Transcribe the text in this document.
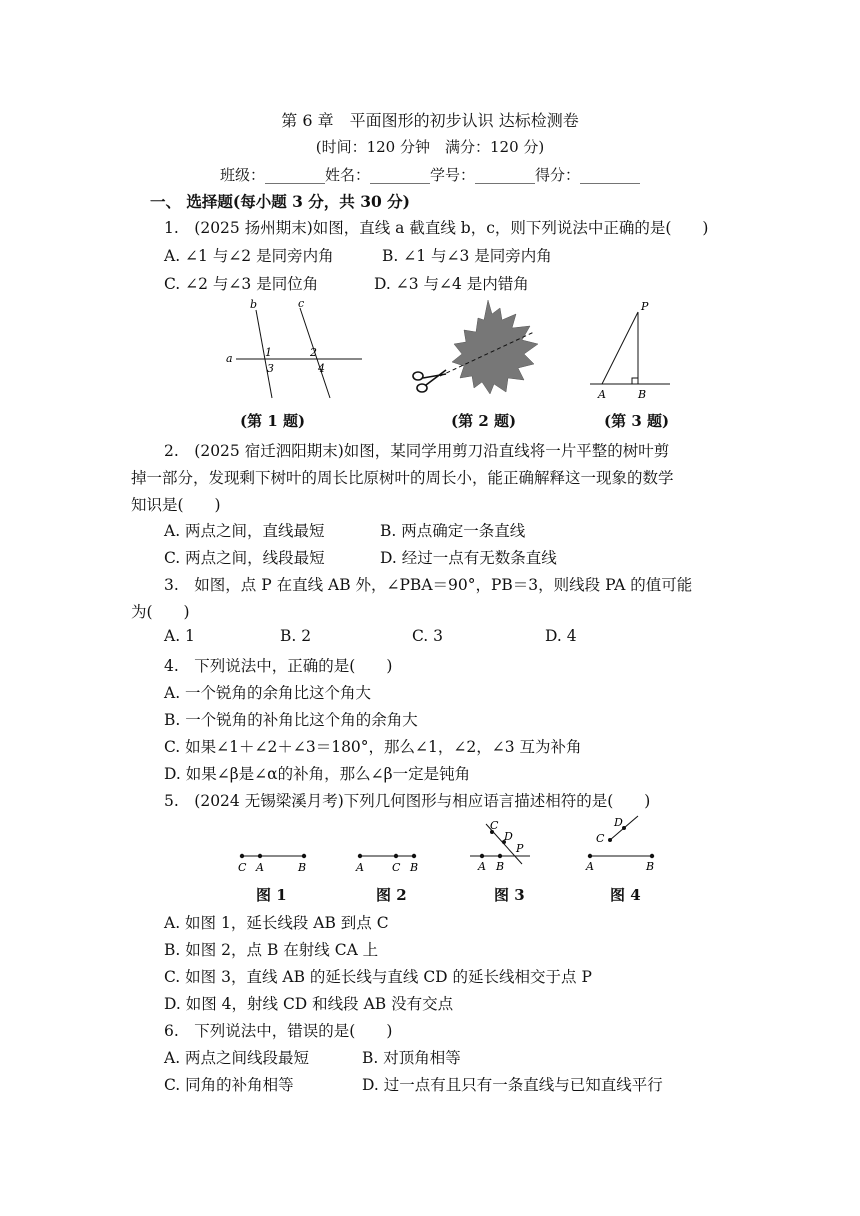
第 6 章　平面图形的初步认识 达标检测卷
(时间：120 分钟　满分：120 分)
班级：________姓名：________学号：________得分：________
一、 选择题(每小题 3 分，共 30 分)
1.　(2025 扬州期末)如图，直线 a 截直线 b，c，则下列说法中正确的是(　　)
A. ∠1 与∠2 是同旁内角	B. ∠1 与∠3 是同旁内角
C. ∠2 与∠3 是同位角	D. ∠3 与∠4 是内错角
b	c
a	1
3
2
4
P
A	B
(第 1 题)	(第 2 题)	(第 3 题)
2.　(2025 宿迁泗阳期末)如图，某同学用剪刀沿直线将一片平整的树叶剪
掉一部分，发现剩下树叶的周长比原树叶的周长小，能正确解释这一现象的数学
知识是(　　)
A. 两点之间，直线最短	B. 两点确定一条直线
C. 两点之间，线段最短	D. 经过一点有无数条直线
3.　如图，点 P 在直线 AB 外，∠PBA＝90°，PB＝3，则线段 PA 的值可能
为(　　)
A. 1	B. 2	C. 3	D. 4
4.　下列说法中，正确的是(　　)
A. 一个锐角的余角比这个角大
B. 一个锐角的补角比这个角的余角大
C. 如果∠1＋∠2＋∠3＝180°，那么∠1，∠2，∠3 互为补角
D. 如果∠β是∠α的补角，那么∠β一定是钝角
5.　(2024 无锡梁溪月考)下列几何图形与相应语言描述相符的是(　　)
C A	B	A	C B
C
D
P
A B
D
C
A	B
图 1	图 2	图 3	图 4
A. 如图 1，延长线段 AB 到点 C
B. 如图 2，点 B 在射线 CA 上
C. 如图 3，直线 AB 的延长线与直线 CD 的延长线相交于点 P
D. 如图 4，射线 CD 和线段 AB 没有交点
6.　下列说法中，错误的是(　　)
A. 两点之间线段最短	B. 对顶角相等
C. 同角的补角相等	D. 过一点有且只有一条直线与已知直线平行
